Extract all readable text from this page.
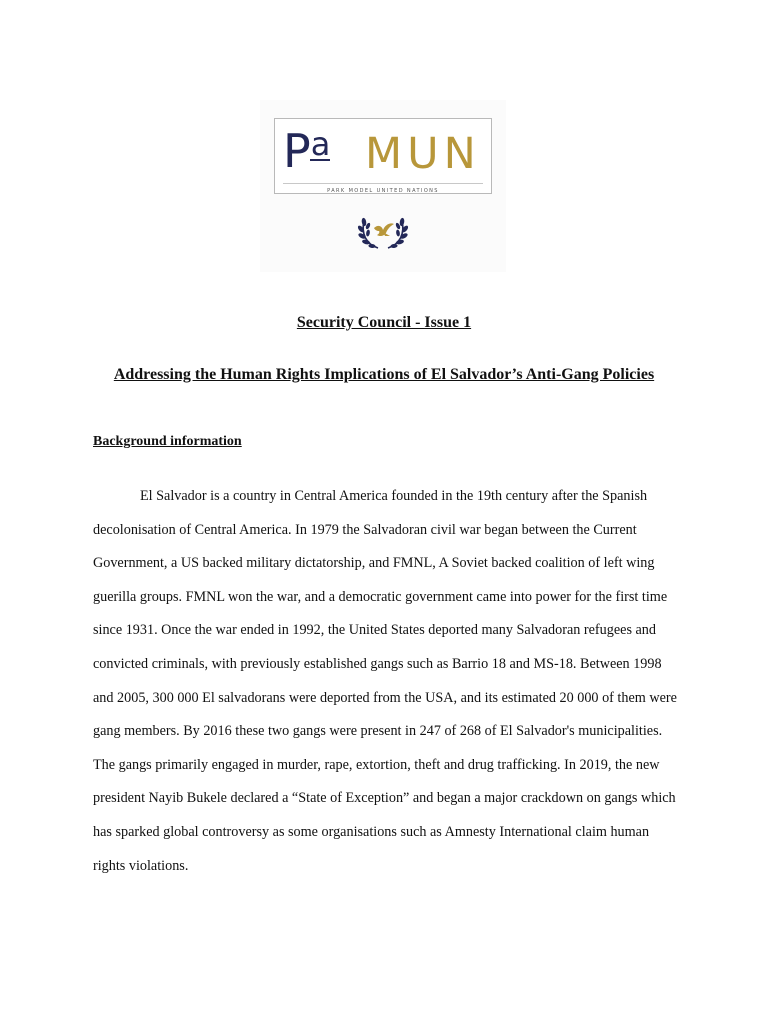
Pa MUN
PARK MODEL UNITED NATIONS
Security Council - Issue 1
Addressing the Human Rights Implications of El Salvador’s Anti-Gang Policies
Background information

El Salvador is a country in Central America founded in the 19th century after the Spanish decolonisation of Central America. In 1979 the Salvadoran civil war began between the Current Government, a US backed military dictatorship, and FMNL, A Soviet backed coalition of left wing guerilla groups. FMNL won the war, and a democratic government came into power for the first time since 1931. Once the war ended in 1992, the United States deported many Salvadoran refugees and convicted criminals, with previously established gangs such as Barrio 18 and MS-18. Between 1998 and 2005, 300 000 El salvadorans were deported from the USA, and its estimated 20 000 of them were gang members. By 2016 these two gangs were present in 247 of 268 of El Salvador's municipalities. The gangs primarily engaged in murder, rape, extortion, theft and drug trafficking. In 2019, the new president Nayib Bukele declared a “State of Exception” and began a major crackdown on gangs which has sparked global controversy as some organisations such as Amnesty International claim human rights violations.
